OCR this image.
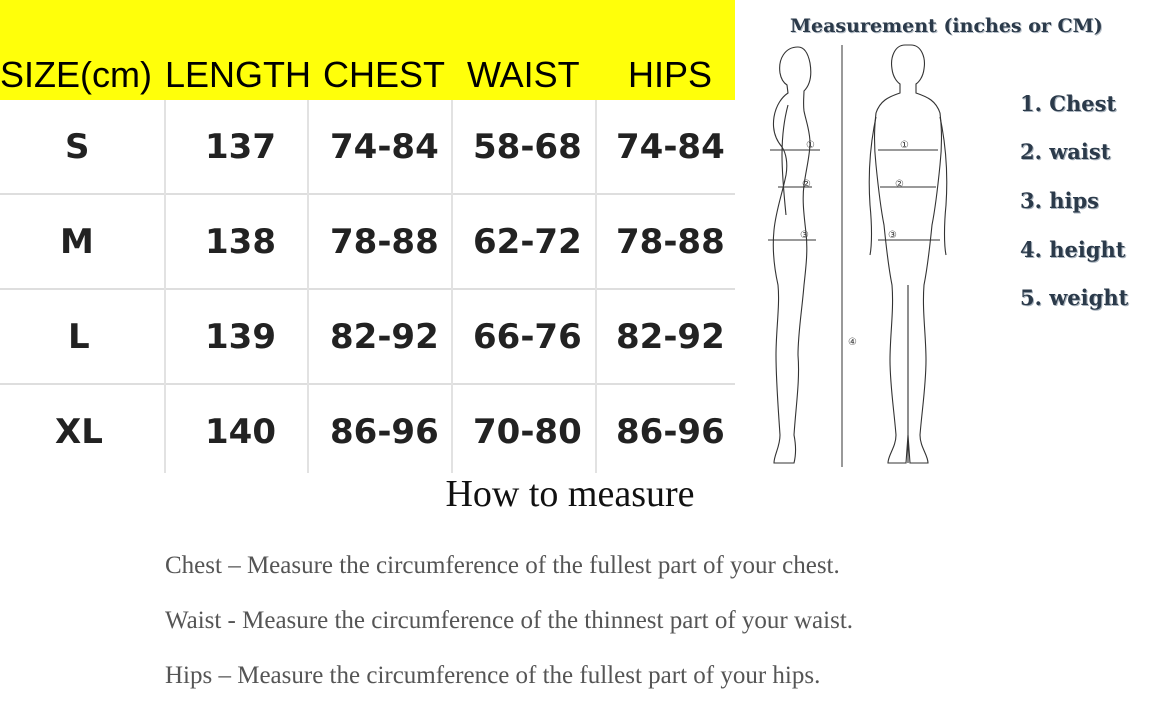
SIZE(cm) LENGTH CHEST WAIST HIPS
S	137 74-84 58-68 74-84
M	138 78-88 62-72 78-88
L	139 82-92 66-76 82-92
XL	140 86-96 70-80 86-96
Measurement (inches or CM)
①	①
②	②
③	③
④
1. Chest
2. waist
3. hips
4. height
5. weight
How to measure
Chest – Measure the circumference of the fullest part of your chest.
Waist - Measure the circumference of the thinnest part of your waist.
Hips – Measure the circumference of the fullest part of your hips.
